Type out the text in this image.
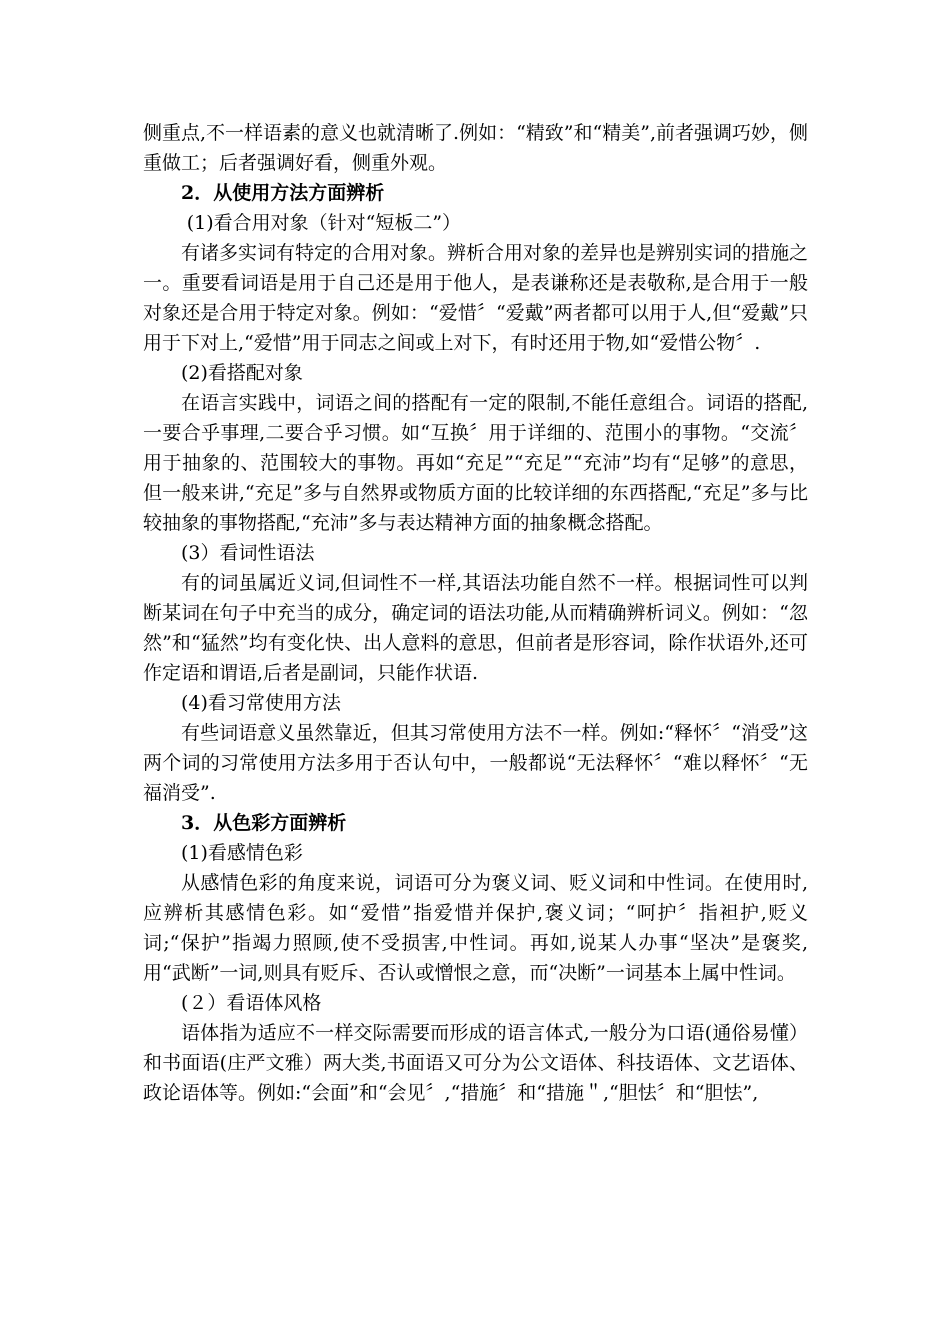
侧重点,不一样语素的意义也就清晰了.例如：“精致”和“精美”,前者强调巧妙，侧重做工；后者强调好看，侧重外观。

2．从使用方法方面辨析

(1)看合用对象（针对“短板二”）

有诸多实词有特定的合用对象。辨析合用对象的差异也是辨别实词的措施之一。重要看词语是用于自己还是用于他人，是表谦称还是表敬称,是合用于一般对象还是合用于特定对象。例如：“爱惜〞“爱戴”两者都可以用于人,但“爱戴”只用于下对上,“爱惜”用于同志之间或上对下，有时还用于物,如“爱惜公物〞.

(2)看搭配对象

在语言实践中，词语之间的搭配有一定的限制,不能任意组合。词语的搭配,一要合乎事理,二要合乎习惯。如“互换〞用于详细的、范围小的事物。“交流〞用于抽象的、范围较大的事物。再如“充足”“充足”“充沛”均有“足够”的意思，但一般来讲,“充足”多与自然界或物质方面的比较详细的东西搭配,“充足”多与比较抽象的事物搭配,“充沛”多与表达精神方面的抽象概念搭配。

(3）看词性语法

有的词虽属近义词,但词性不一样,其语法功能自然不一样。根据词性可以判断某词在句子中充当的成分，确定词的语法功能,从而精确辨析词义。例如：“忽然”和“猛然”均有变化快、出人意料的意思，但前者是形容词，除作状语外,还可作定语和谓语,后者是副词，只能作状语.

(4)看习常使用方法

有些词语意义虽然靠近，但其习常使用方法不一样。例如:“释怀〞“消受”这两个词的习常使用方法多用于否认句中，一般都说“无法释怀〞“难以释怀〞“无福消受”.

3．从色彩方面辨析

(1)看感情色彩

从感情色彩的角度来说，词语可分为褒义词、贬义词和中性词。在使用时,应辨析其感情色彩。如“爱惜”指爱惜并保护,褒义词；“呵护〞指袒护,贬义词;“保护”指竭力照顾,使不受损害,中性词。再如,说某人办事“坚决”是褒奖,用“武断”一词,则具有贬斥、否认或憎恨之意，而“决断”一词基本上属中性词。

(２）看语体风格

语体指为适应不一样交际需要而形成的语言体式,一般分为口语(通俗易懂）和书面语(庄严文雅）两大类,书面语又可分为公文语体、科技语体、文艺语体、政论语体等。例如:“会面”和“会见〞,“措施〞和“措施＂,“胆怯〞和“胆怯”,
